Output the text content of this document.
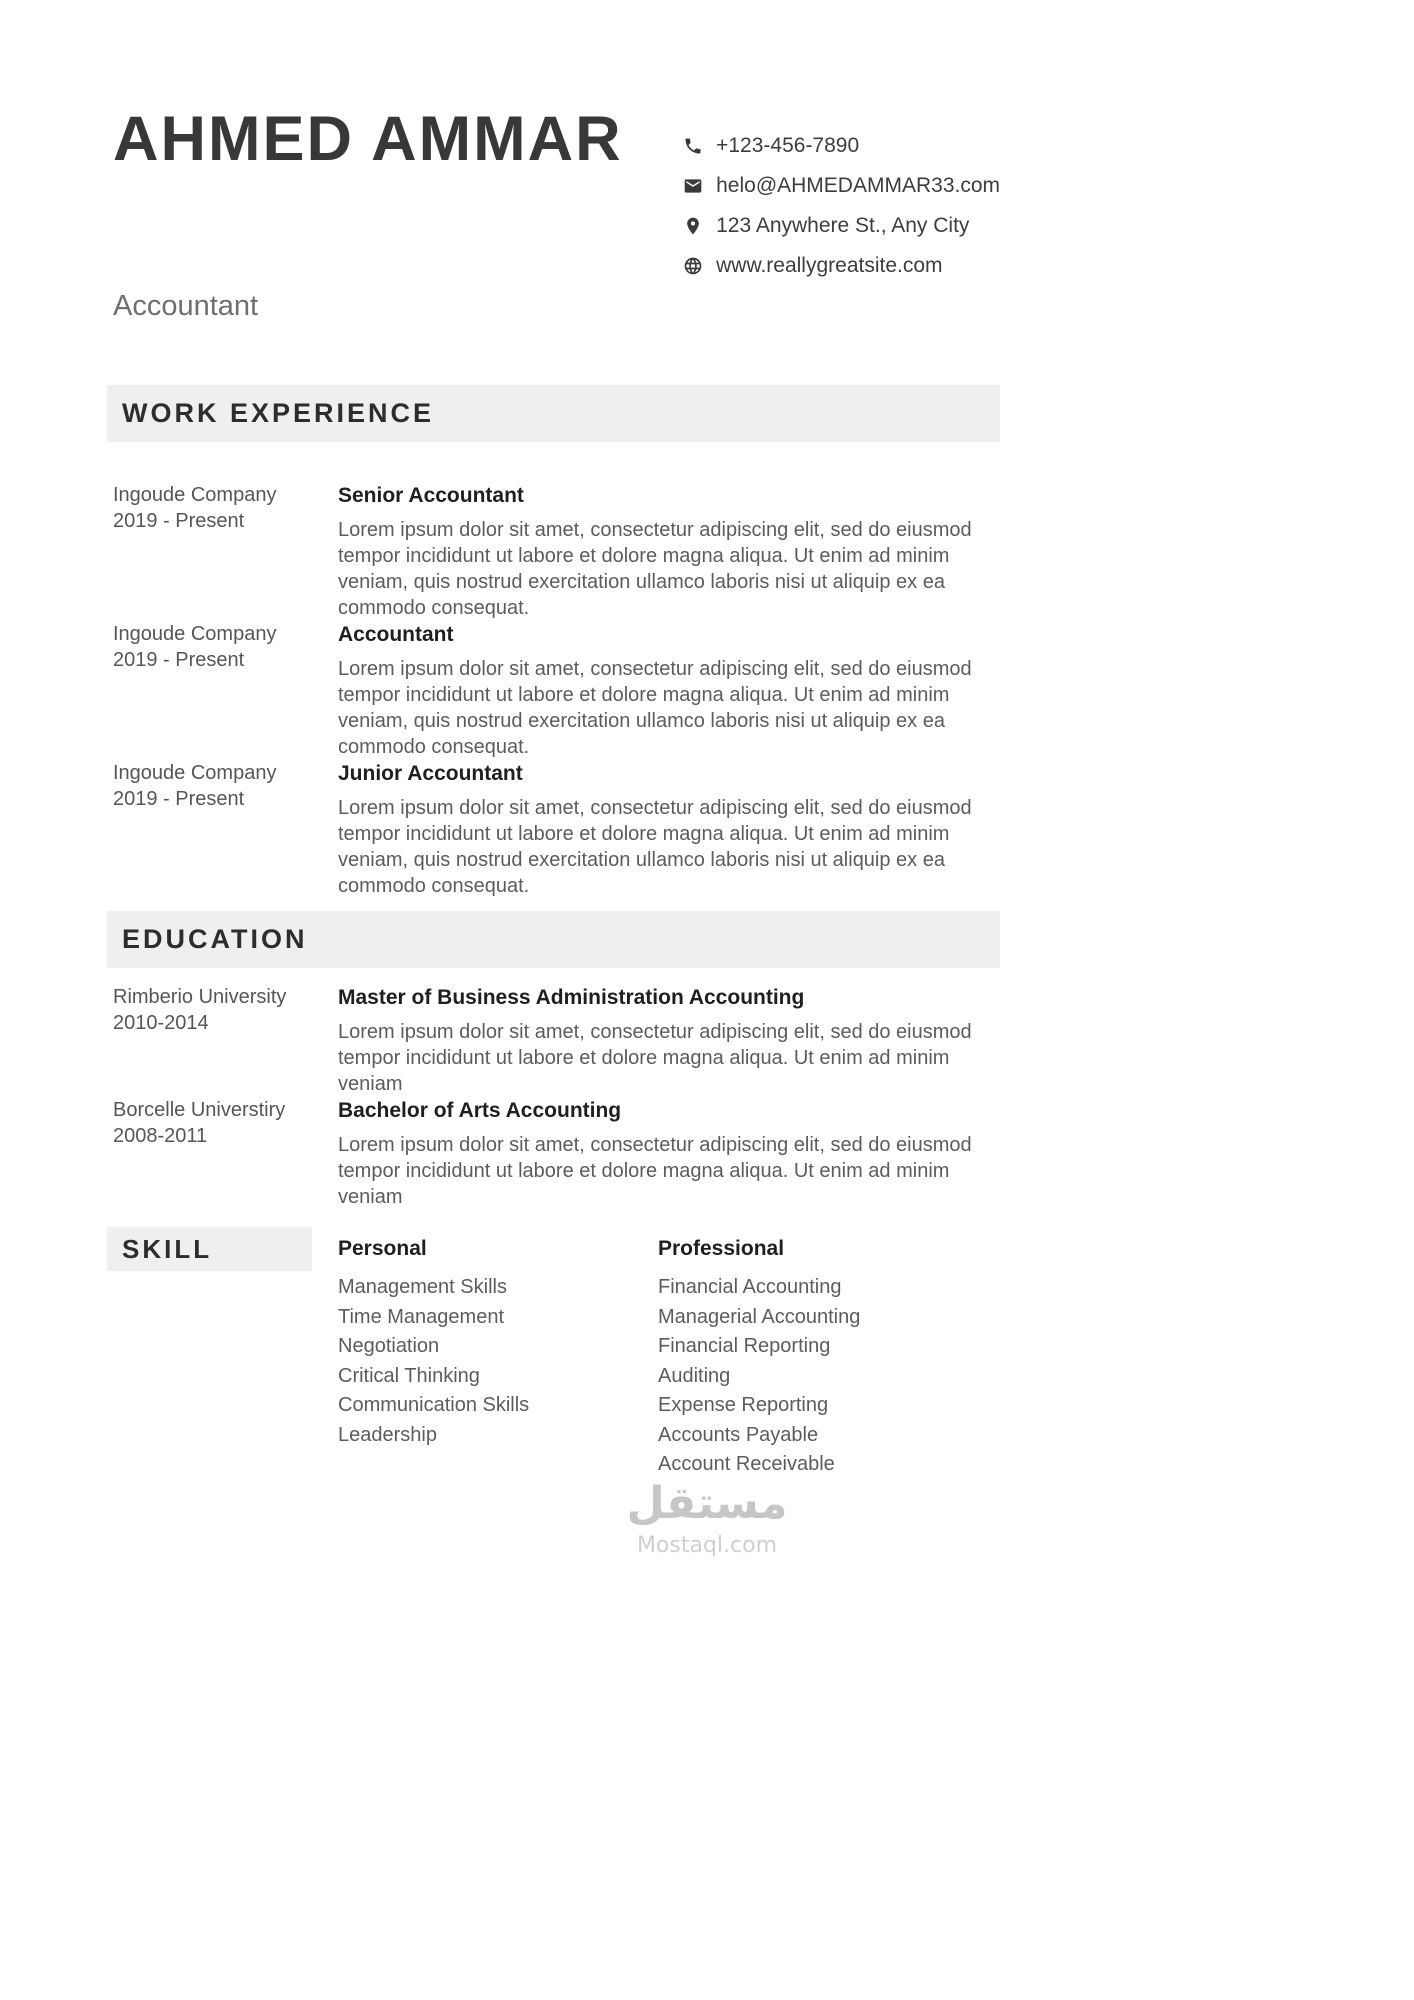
AHMED AMMAR	+123-456-7890
helo@AHMEDAMMAR33.com
123 Anywhere St., Any City
www.reallygreatsite.com
Accountant
WORK EXPERIENCE
Ingoude Company
2019 - Present
Senior Accountant
Lorem ipsum dolor sit amet, consectetur adipiscing elit, sed do eiusmod tempor incididunt ut labore et dolore magna aliqua. Ut enim ad minim veniam, quis nostrud exercitation ullamco laboris nisi ut aliquip ex ea commodo consequat.
Ingoude Company
2019 - Present
Accountant
Lorem ipsum dolor sit amet, consectetur adipiscing elit, sed do eiusmod tempor incididunt ut labore et dolore magna aliqua. Ut enim ad minim veniam, quis nostrud exercitation ullamco laboris nisi ut aliquip ex ea commodo consequat.
Ingoude Company
2019 - Present
Junior Accountant
Lorem ipsum dolor sit amet, consectetur adipiscing elit, sed do eiusmod tempor incididunt ut labore et dolore magna aliqua. Ut enim ad minim veniam, quis nostrud exercitation ullamco laboris nisi ut aliquip ex ea commodo consequat.
EDUCATION
Rimberio University
2010-2014
Master of Business Administration Accounting
Lorem ipsum dolor sit amet, consectetur adipiscing elit, sed do eiusmod tempor incididunt ut labore et dolore magna aliqua. Ut enim ad minim veniam
Borcelle Universtiry
2008-2011
Bachelor of Arts Accounting
Lorem ipsum dolor sit amet, consectetur adipiscing elit, sed do eiusmod tempor incididunt ut labore et dolore magna aliqua. Ut enim ad minim veniam
SKILL	Personal
Management Skills
Time Management
Negotiation
Critical Thinking
Communication Skills
Leadership
Professional
Financial Accounting
Managerial Accounting
Financial Reporting
Auditing
Expense Reporting
Accounts Payable
Account Receivable
مستقل
Mostaql.com
